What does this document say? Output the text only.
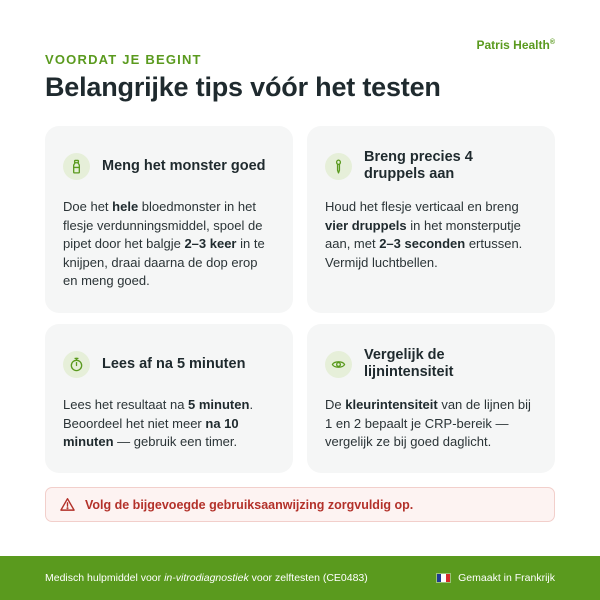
Patris Health®
VOORDAT JE BEGINT
Belangrijke tips vóór het testen
Meng het monster goed

Doe het hele bloedmonster in het flesje verdunningsmiddel, spoel de pipet door het balgje 2–3 keer in te knijpen, draai daarna de dop erop en meng goed.

Breng precies 4 druppels aan

Houd het flesje verticaal en breng vier druppels in het monsterputje aan, met 2–3 seconden ertussen. Vermijd luchtbellen.

Lees af na 5 minuten

Lees het resultaat na 5 minuten. Beoordeel het niet meer na 10 minuten — gebruik een timer.

Vergelijk de lijnintensiteit

De kleurintensiteit van de lijnen bij 1 en 2 bepaalt je CRP-bereik — vergelijk ze bij goed daglicht.

Volg de bijgevoegde gebruiksaanwijzing zorgvuldig op.
Medisch hulpmiddel voor in-vitrodiagnostiek voor zelftesten (CE0483)	Gemaakt in Frankrijk
